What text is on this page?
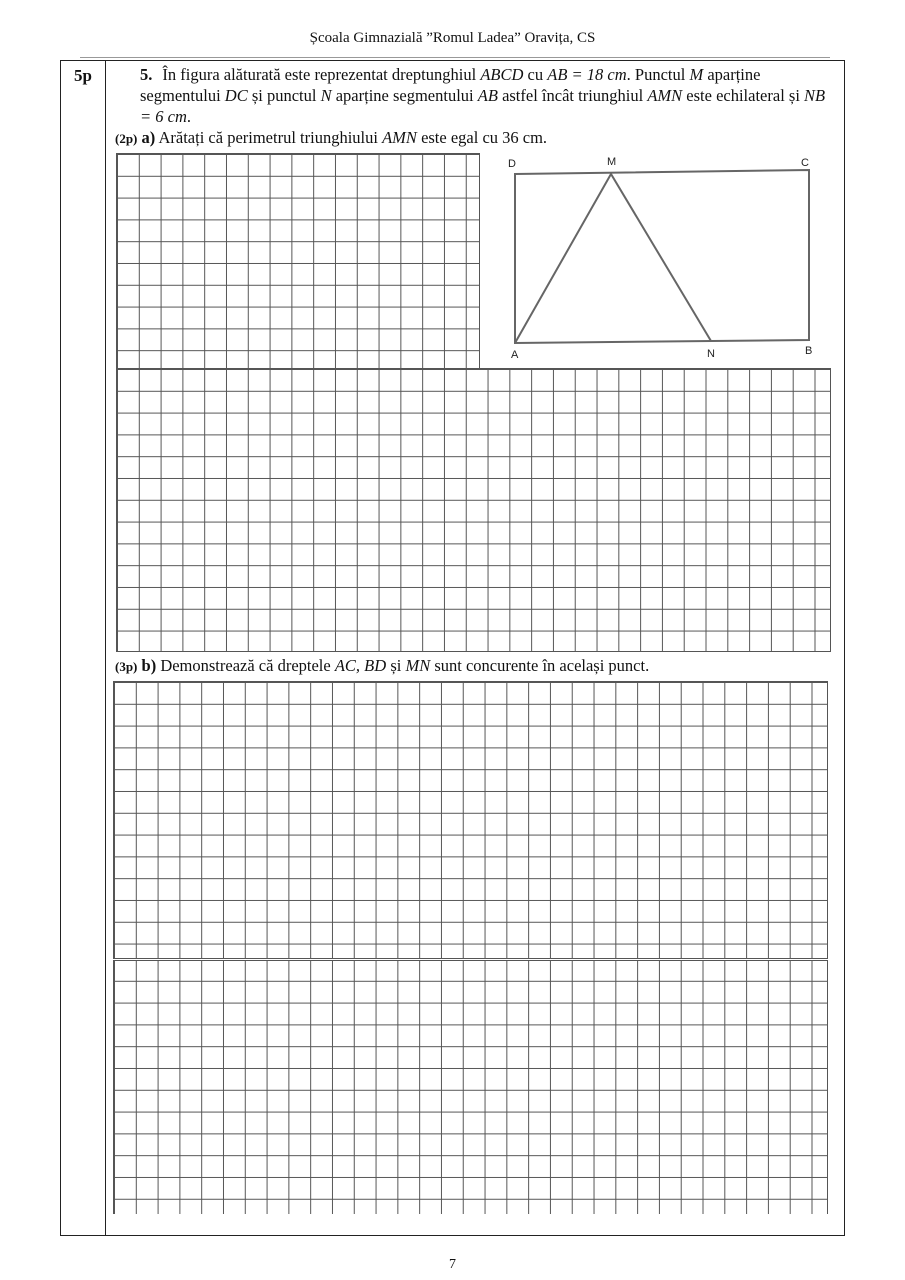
Școala Gimnazială ”Romul Ladea” Oravița, CS
5p	5. În figura alăturată este reprezentat dreptunghiul ABCD cu AB = 18 cm. Punctul M aparține segmentului DC și punctul N aparține segmentului AB astfel încât triunghiul AMN este echilateral și NB = 6 cm.
(2p) a) Arătați că perimetrul triunghiului AMN este egal cu 36 cm.
D	M	C
A	N	B
(3p) b) Demonstrează că dreptele AC, BD și MN sunt concurente în același punct.
7
